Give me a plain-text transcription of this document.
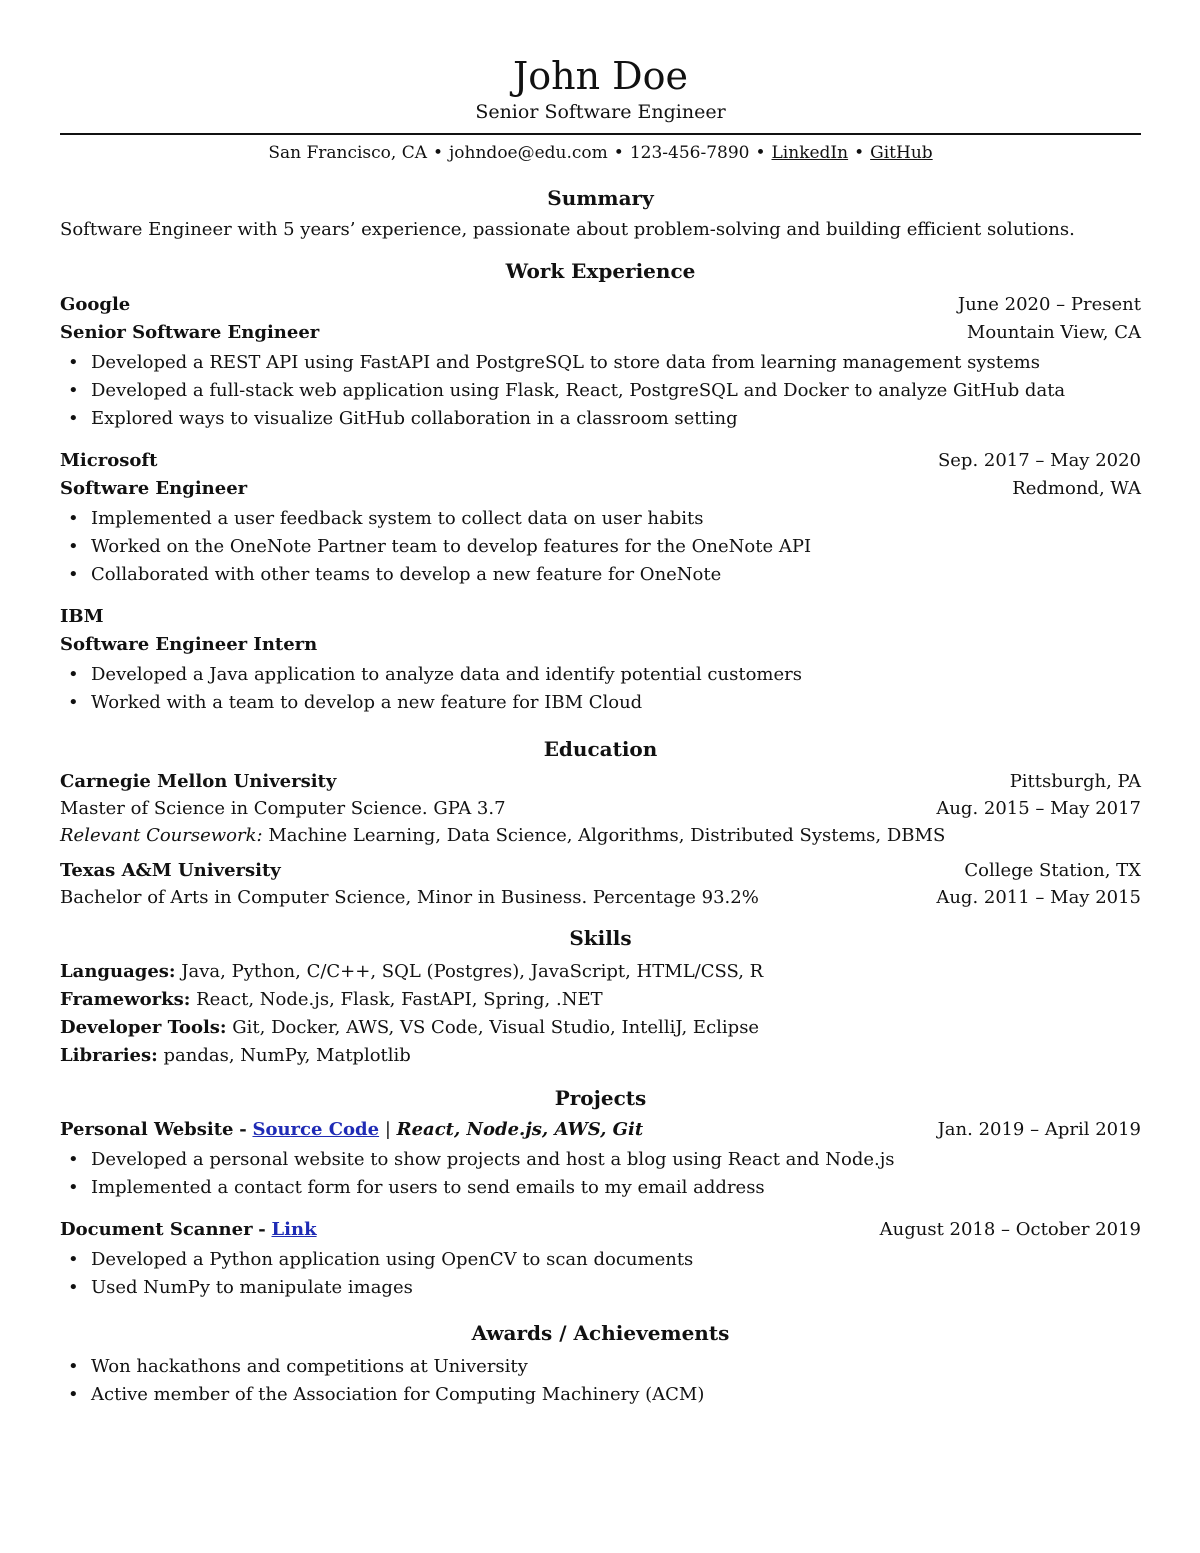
John Doe
Senior Software Engineer
San Francisco, CA • johndoe@edu.com • 123-456-7890 • LinkedIn • GitHub
Summary
Software Engineer with 5 years’ experience, passionate about problem-solving and building efficient solutions.
Work Experience
Google	June 2020 – Present
Senior Software Engineer	Mountain View, CA
• Developed a REST API using FastAPI and PostgreSQL to store data from learning management systems
• Developed a full-stack web application using Flask, React, PostgreSQL and Docker to analyze GitHub data
• Explored ways to visualize GitHub collaboration in a classroom setting
Microsoft	Sep. 2017 – May 2020
Software Engineer	Redmond, WA
• Implemented a user feedback system to collect data on user habits
• Worked on the OneNote Partner team to develop features for the OneNote API
• Collaborated with other teams to develop a new feature for OneNote
IBM
Software Engineer Intern
• Developed a Java application to analyze data and identify potential customers
• Worked with a team to develop a new feature for IBM Cloud
Education
Carnegie Mellon University	Pittsburgh, PA
Master of Science in Computer Science. GPA 3.7	Aug. 2015 – May 2017
Relevant Coursework:
Machine Learning, Data Science, Algorithms, Distributed Systems, DBMS
Texas A&M University	College Station, TX
Bachelor of Arts in Computer Science, Minor in Business. Percentage 93.2%	Aug. 2011 – May 2015
Skills
Languages: Java, Python, C/C++, SQL (Postgres), JavaScript, HTML/CSS, R
Frameworks: React, Node.js, Flask, FastAPI, Spring, .NET
Developer Tools: Git, Docker, AWS, VS Code, Visual Studio, IntelliJ, Eclipse
Libraries: pandas, NumPy, Matplotlib
Projects
Personal Website - Source Code | React, Node.js, AWS, Git	Jan. 2019 – April 2019
• Developed a personal website to show projects and host a blog using React and Node.js
• Implemented a contact form for users to send emails to my email address
Document Scanner - Link	August 2018 – October 2019
• Developed a Python application using OpenCV to scan documents
• Used NumPy to manipulate images
Awards / Achievements
• Won hackathons and competitions at University
• Active member of the Association for Computing Machinery (ACM)
